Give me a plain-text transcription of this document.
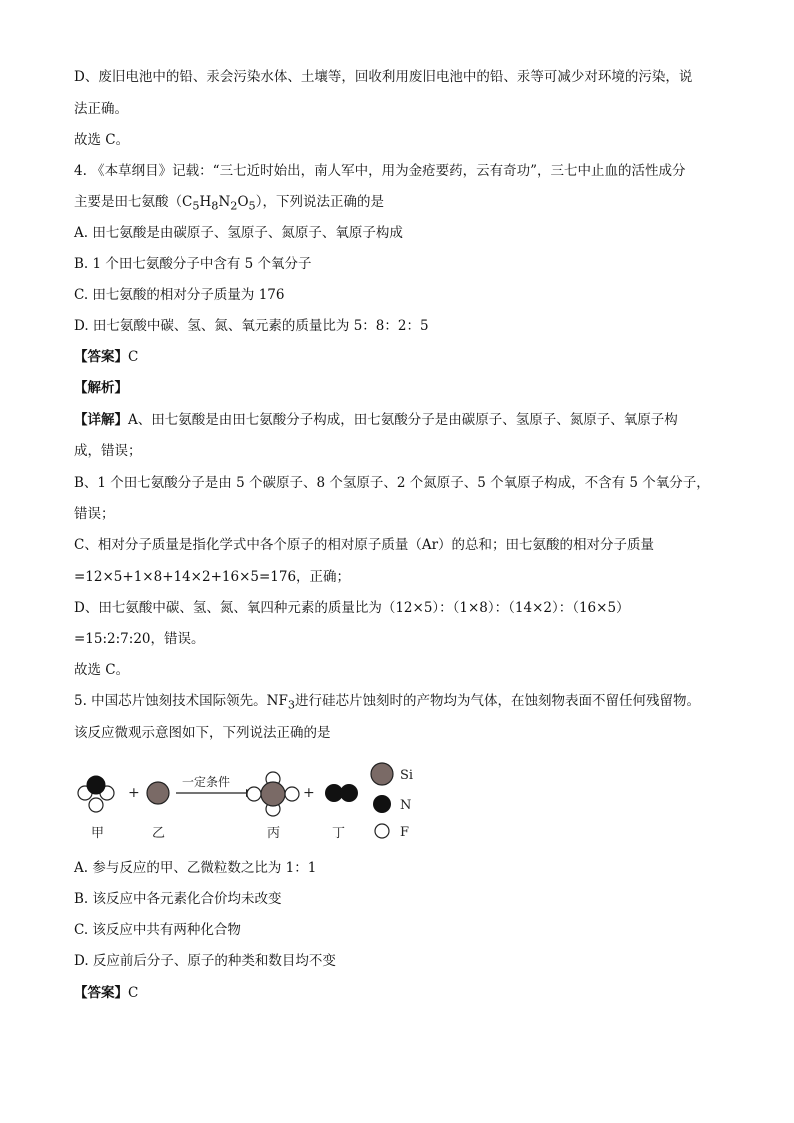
D、废旧电池中的铅、汞会污染水体、土壤等，回收利用废旧电池中的铅、汞等可减少对环境的污染，说
法正确。
故选 C。
4. 《本草纲目》记载：“三七近时始出，南人军中，用为金疮要药，云有奇功”，三七中止血的活性成分
主要是田七氨酸$(C_5H_8N_2O_5)$，下列说法正确的是
A. 田七氨酸是由碳原子、氢原子、氮原子、氧原子构成
B. 1 个田七氨酸分子中含有 5 个氧分子
C. 田七氨酸的相对分子质量为 176
D. 田七氨酸中碳、氢、氮、氧元素的质量比为 5：8：2：5
【答案】C
【解析】
【详解】A、田七氨酸是由田七氨酸分子构成，田七氨酸分子是由碳原子、氢原子、氮原子、氧原子构
成，错误；
B、1 个田七氨酸分子是由 5 个碳原子、8 个氢原子、2 个氮原子、5 个氧原子构成，不含有 5 个氧分子，
错误；
C、相对分子质量是指化学式中各个原子的相对原子质量（Ar）的总和；田七氨酸的相对分子质量
=12×5+1×8+14×2+16×5=176，正确；
D、田七氨酸中碳、氢、氮、氧四种元素的质量比为（12×5）：（1×8）：（14×2）：（16×5）
=15:2:7:20，错误。
故选 C。
5. 中国芯片蚀刻技术国际领先。$NF_3$进行硅芯片蚀刻时的产物均为气体，在蚀刻物表面不留任何残留物。
该反应微观示意图如下，下列说法正确的是
+
一定条件
+
甲	乙	丙	丁
Si
N
F
A. 参与反应的甲、乙微粒数之比为 1：1
B. 该反应中各元素化合价均未改变
C. 该反应中共有两种化合物
D. 反应前后分子、原子的种类和数目均不变
【答案】C
